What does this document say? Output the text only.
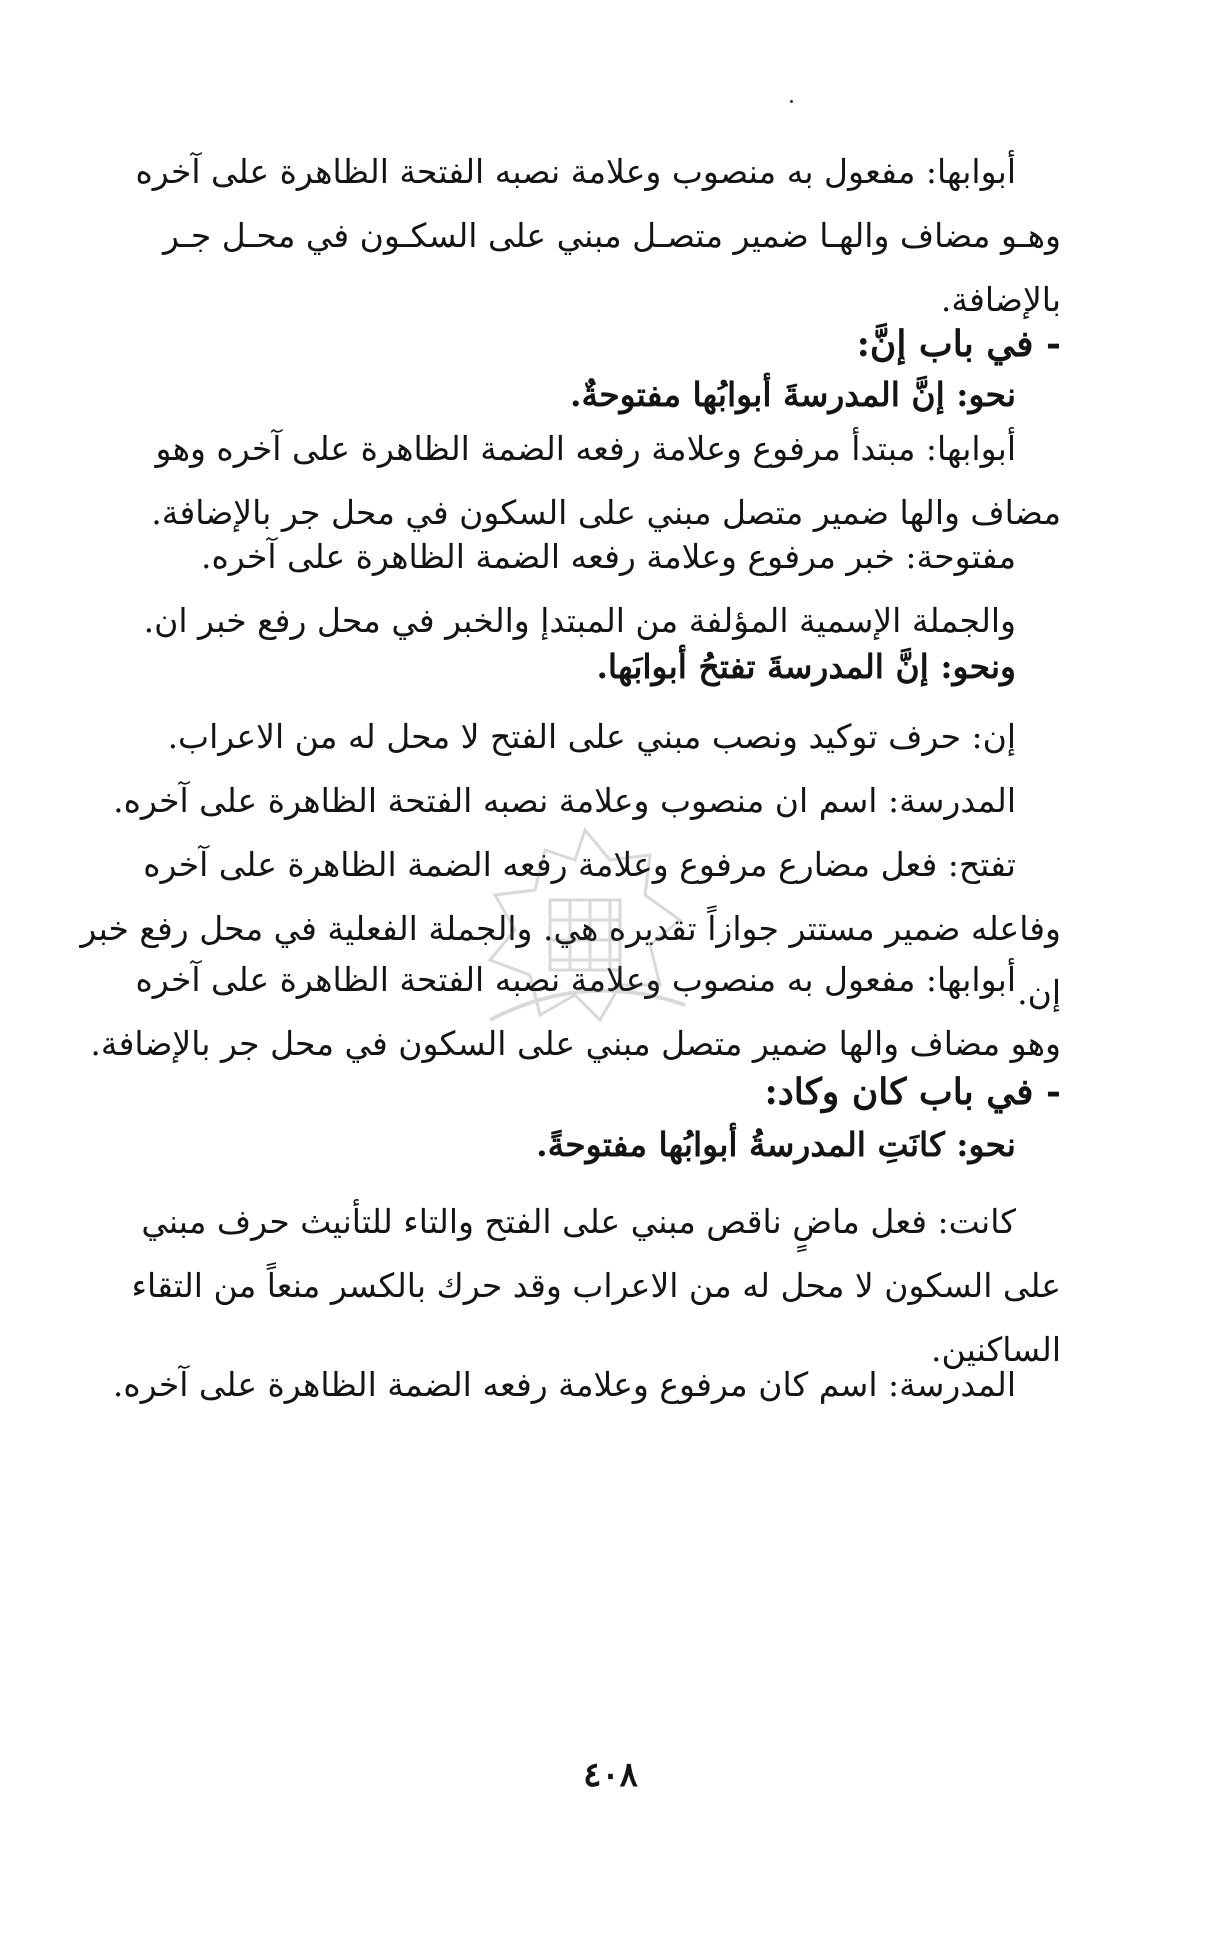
أبوابها: مفعول به منصوب وعلامة نصبه الفتحة الظاهرة على آخره
وهـو مضاف والهـا ضمير متصـل مبني على السكـون في محـل جـر
بالإضافة.
- في باب إنَّ:
نحو: إنَّ المدرسةَ أبوابُها مفتوحةٌ.
أبوابها: مبتدأ مرفوع وعلامة رفعه الضمة الظاهرة على آخره وهو
مضاف والها ضمير متصل مبني على السكون في محل جر بالإضافة.
مفتوحة: خبر مرفوع وعلامة رفعه الضمة الظاهرة على آخره.
والجملة الإسمية المؤلفة من المبتدإ والخبر في محل رفع خبر ان.
ونحو: إنَّ المدرسةَ تفتحُ أبوابَها.
إن: حرف توكيد ونصب مبني على الفتح لا محل له من الاعراب.
المدرسة: اسم ان منصوب وعلامة نصبه الفتحة الظاهرة على آخره.
تفتح: فعل مضارع مرفوع وعلامة رفعه الضمة الظاهرة على آخره
وفاعله ضمير مستتر جوازاً تقديره هي. والجملة الفعلية في محل رفع خبر
إن.
أبوابها: مفعول به منصوب وعلامة نصبه الفتحة الظاهرة على آخره
وهو مضاف والها ضمير متصل مبني على السكون في محل جر بالإضافة.
- في باب كان وكاد:
نحو: كانَتِ المدرسةُ أبوابُها مفتوحةً.
كانت: فعل ماضٍ ناقص مبني على الفتح والتاء للتأنيث حرف مبني
على السكون لا محل له من الاعراب وقد حرك بالكسر منعاً من التقاء
الساكنين.
المدرسة: اسم كان مرفوع وعلامة رفعه الضمة الظاهرة على آخره.
٤٠٨
